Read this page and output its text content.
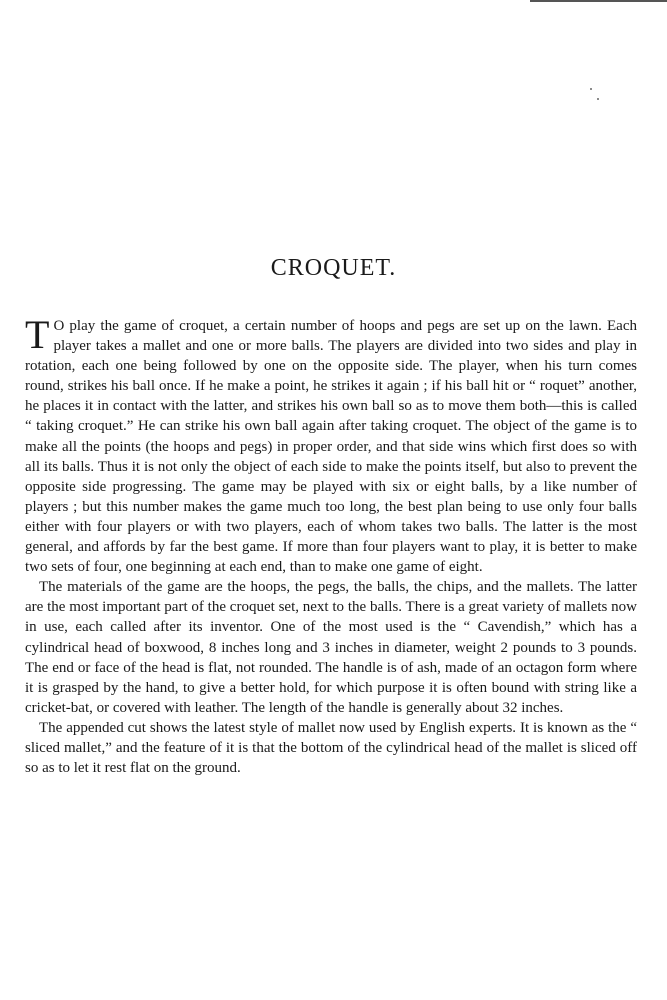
CROQUET.

T O play the game of croquet, a certain number of hoops and pegs are set up on the lawn. Each player takes a mallet and one or more balls. The players are divided into two sides and play in rotation, each one being followed by one on the opposite side. The player, when his turn comes round, strikes his ball once. If he make a point, he strikes it again ; if his ball hit or “ roquet” another, he places it in contact with the latter, and strikes his own ball so as to move them both—this is called “ taking croquet.” He can strike his own ball again after taking croquet. The object of the game is to make all the points (the hoops and pegs) in proper order, and that side wins which first does so with all its balls. Thus it is not only the object of each side to make the points itself, but also to prevent the opposite side progressing. The game may be played with six or eight balls, by a like number of players ; but this number makes the game much too long, the best plan being to use only four balls either with four players or with two players, each of whom takes two balls. The latter is the most general, and affords by far the best game. If more than four players want to play, it is better to make two sets of four, one beginning at each end, than to make one game of eight.

The materials of the game are the hoops, the pegs, the balls, the chips, and the mallets. The latter are the most important part of the croquet set, next to the balls. There is a great variety of mallets now in use, each called after its inventor. One of the most used is the “ Cavendish,” which has a cylindrical head of boxwood, 8 inches long and 3 inches in diameter, weight 2 pounds to 3 pounds. The end or face of the head is flat, not rounded. The handle is of ash, made of an octagon form where it is grasped by the hand, to give a better hold, for which purpose it is often bound with string like a cricket-bat, or covered with leather. The length of the handle is generally about 32 inches.

The appended cut shows the latest style of mallet now used by English experts. It is known as the “ sliced mallet,” and the feature of it is that the bottom of the cylindrical head of the mallet is sliced off so as to let it rest flat on the ground.
